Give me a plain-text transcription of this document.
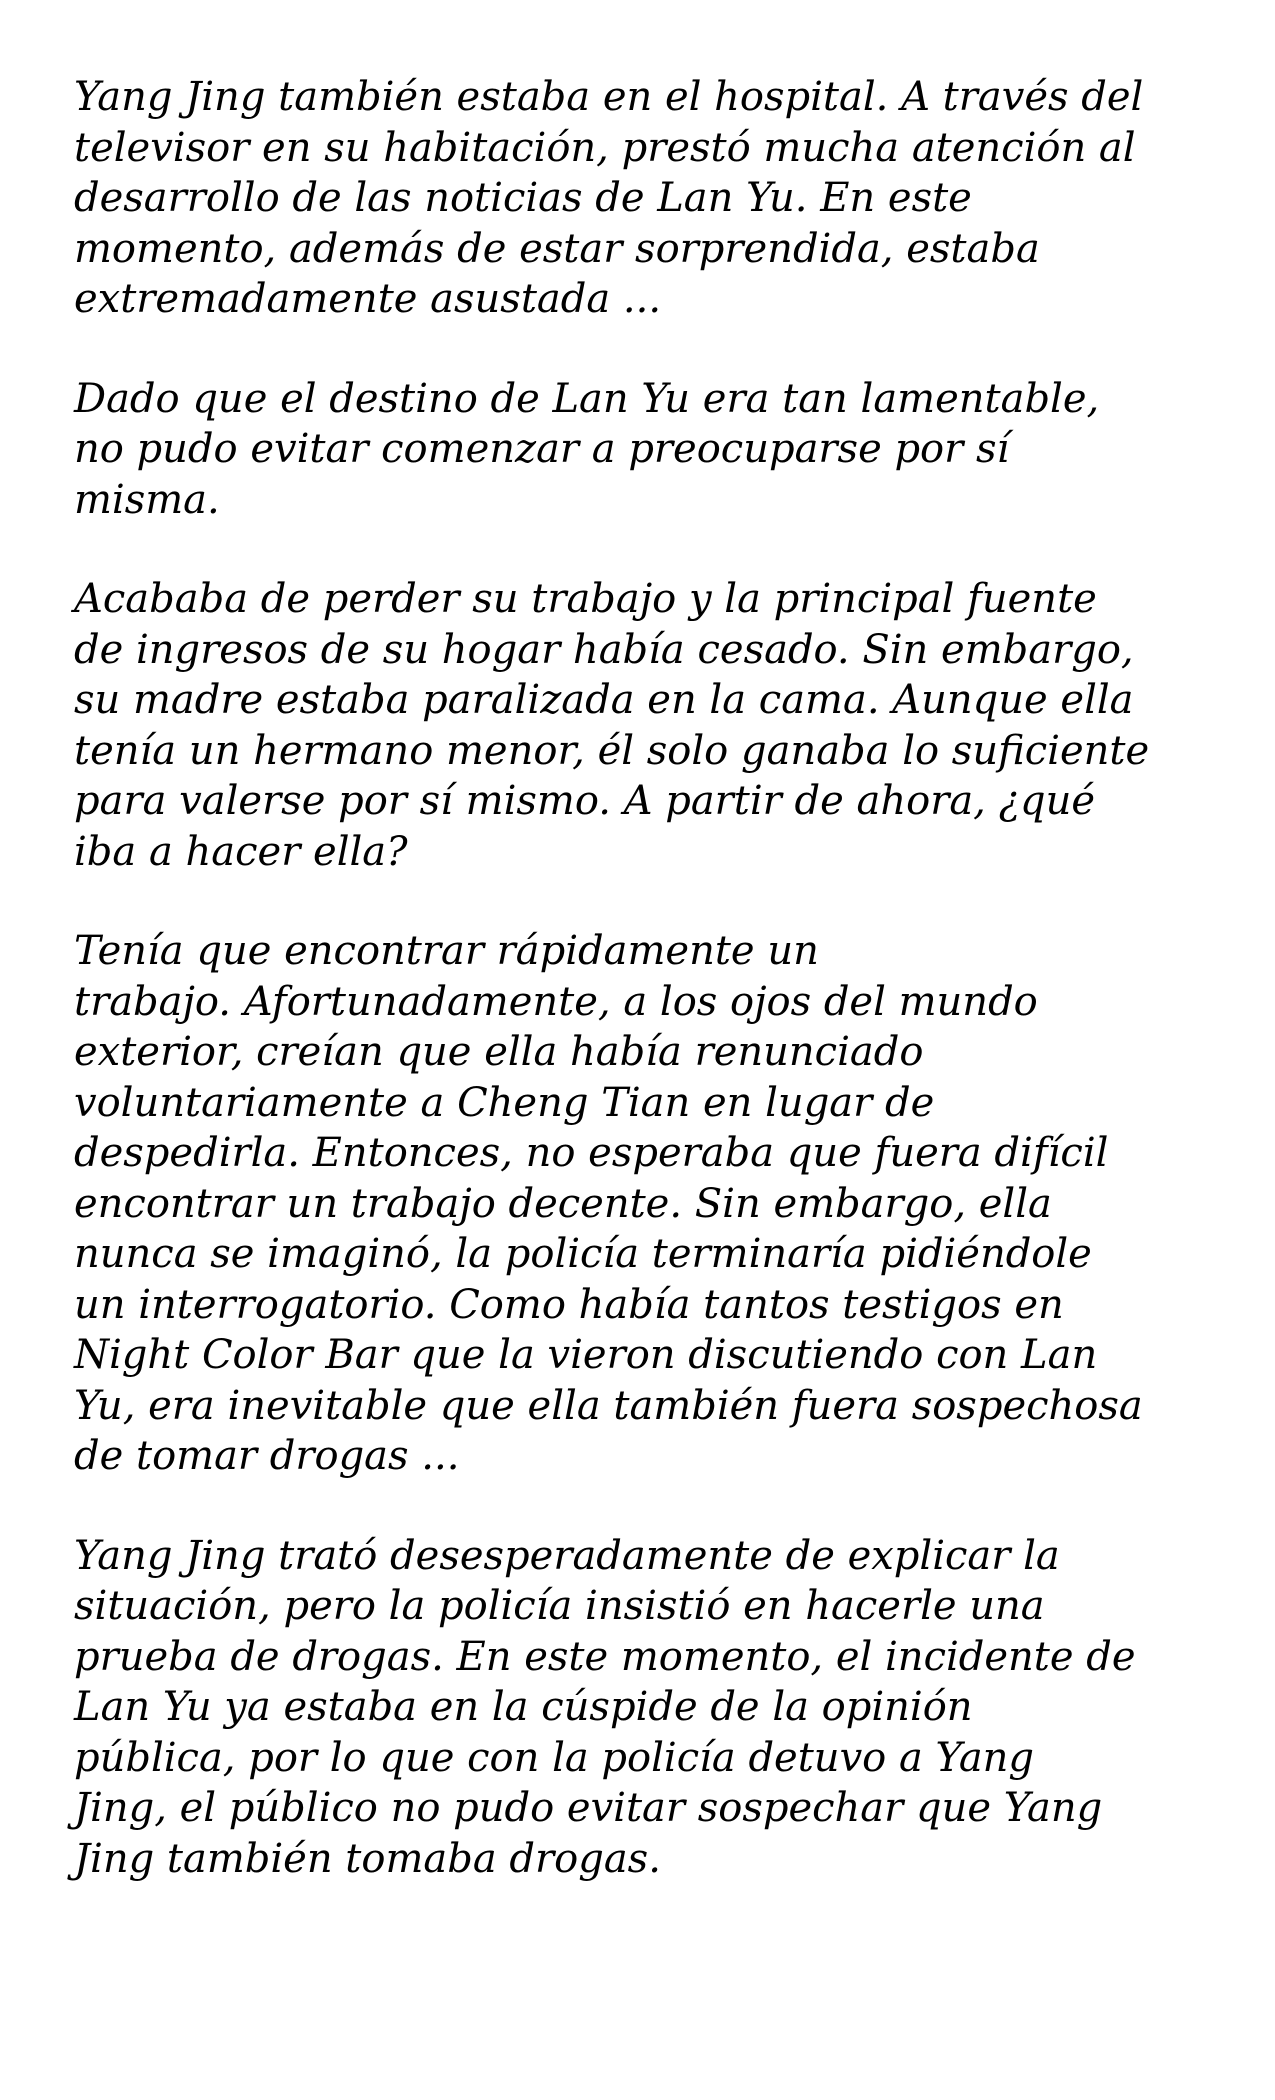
Yang Jing también estaba en el hospital. A través del
televisor en su habitación, prestó mucha atención al
desarrollo de las noticias de Lan Yu. En este
momento, además de estar sorprendida, estaba
extremadamente asustada ...

Dado que el destino de Lan Yu era tan lamentable,
no pudo evitar comenzar a preocuparse por sí
misma.

Acababa de perder su trabajo y la principal fuente
de ingresos de su hogar había cesado. Sin embargo,
su madre estaba paralizada en la cama. Aunque ella
tenía un hermano menor, él solo ganaba lo suficiente
para valerse por sí mismo. A partir de ahora, ¿qué
iba a hacer ella?

Tenía que encontrar rápidamente un
trabajo. Afortunadamente, a los ojos del mundo
exterior, creían que ella había renunciado
voluntariamente a Cheng Tian en lugar de
despedirla. Entonces, no esperaba que fuera difícil
encontrar un trabajo decente. Sin embargo, ella
nunca se imaginó, la policía terminaría pidiéndole
un interrogatorio. Como había tantos testigos en
Night Color Bar que la vieron discutiendo con Lan
Yu, era inevitable que ella también fuera sospechosa
de tomar drogas ...

Yang Jing trató desesperadamente de explicar la
situación, pero la policía insistió en hacerle una
prueba de drogas. En este momento, el incidente de
Lan Yu ya estaba en la cúspide de la opinión
pública, por lo que con la policía detuvo a Yang
Jing, el público no pudo evitar sospechar que Yang
Jing también tomaba drogas.
